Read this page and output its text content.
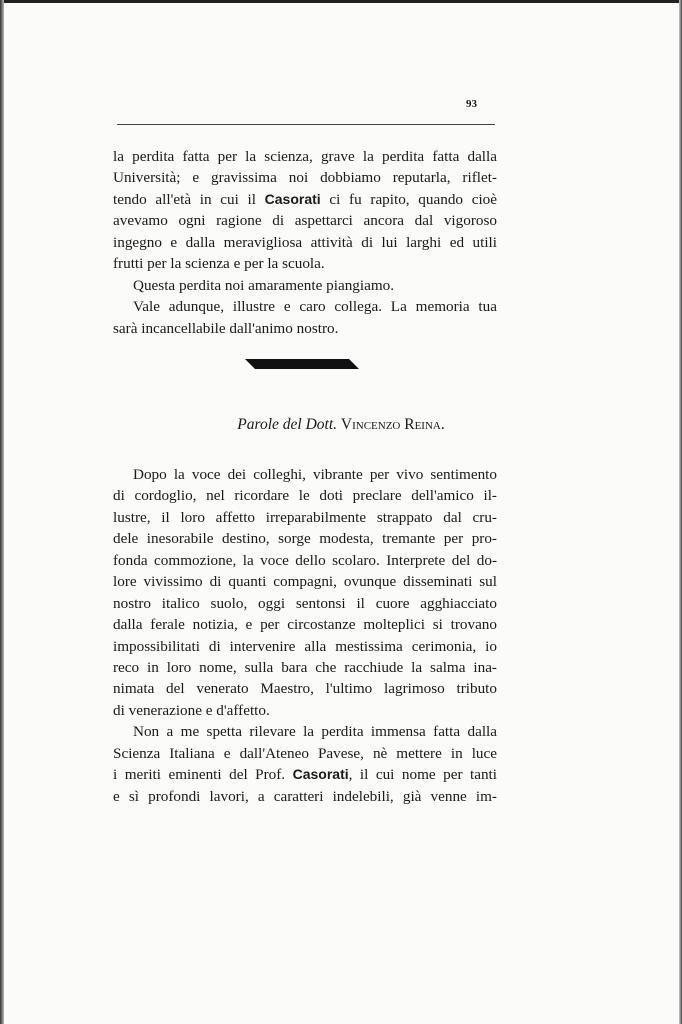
93
la perdita fatta per la scienza, grave la perdita fatta dalla
Università; e gravissima noi dobbiamo reputarla, riflet-
tendo all'età in cui il Casorati ci fu rapito, quando cioè
avevamo ogni ragione di aspettarci ancora dal vigoroso
ingegno e dalla meravigliosa attività di lui larghi ed utili
frutti per la scienza e per la scuola.
Questa perdita noi amaramente piangiamo.
Vale adunque, illustre e caro collega. La memoria tua
sarà incancellabile dall'animo nostro.
Parole del Dott. Vincenzo Reina.
Dopo la voce dei colleghi, vibrante per vivo sentimento
di cordoglio, nel ricordare le doti preclare dell'amico il-
lustre, il loro affetto irreparabilmente strappato dal cru-
dele inesorabile destino, sorge modesta, tremante per pro-
fonda commozione, la voce dello scolaro. Interprete del do-
lore vivissimo di quanti compagni, ovunque disseminati sul
nostro italico suolo, oggi sentonsi il cuore agghiacciato
dalla ferale notizia, e per circostanze molteplici si trovano
impossibilitati di intervenire alla mestissima cerimonia, io
reco in loro nome, sulla bara che racchiude la salma ina-
nimata del venerato Maestro, l'ultimo lagrimoso tributo
di venerazione e d'affetto.
Non a me spetta rilevare la perdita immensa fatta dalla
Scienza Italiana e dall'Ateneo Pavese, nè mettere in luce
i meriti eminenti del Prof. Casorati, il cui nome per tanti
e sì profondi lavori, a caratteri indelebili, già venne im-
